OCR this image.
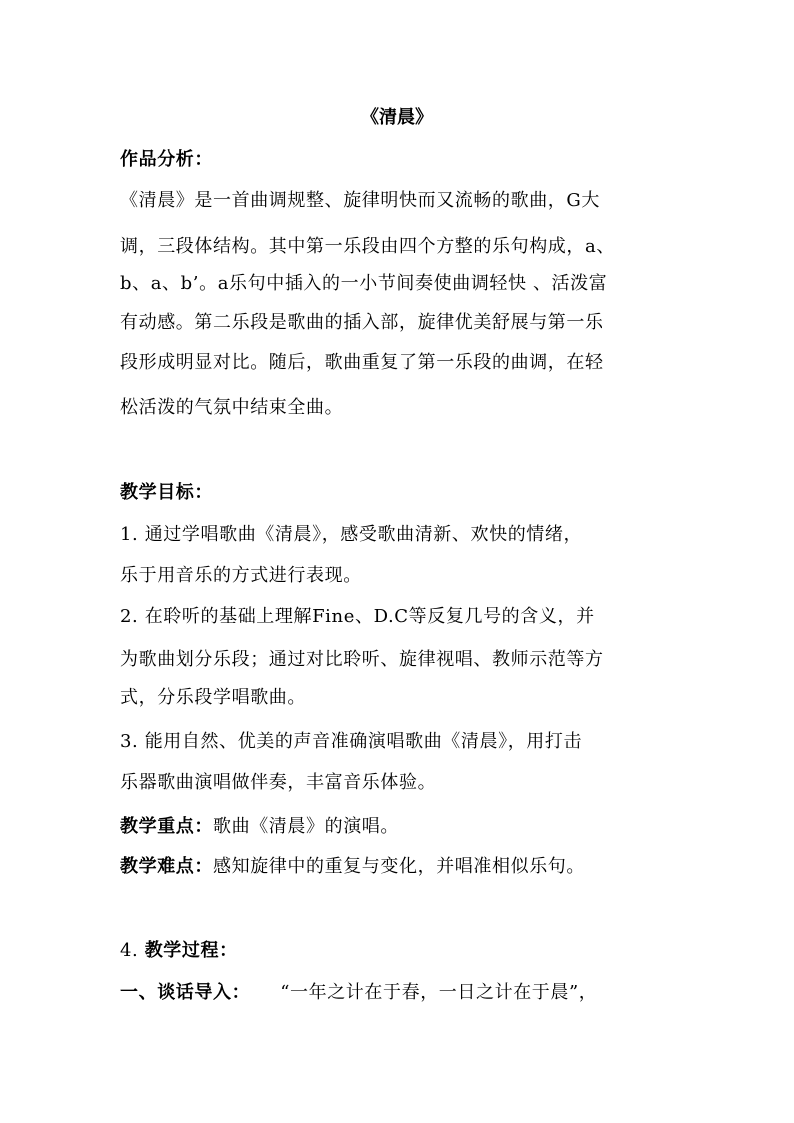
《清晨》
作品分析：
《清晨》是一首曲调规整、旋律明快而又流畅的歌曲，G大
调，三段体结构。其中第一乐段由四个方整的乐句构成，a、
b、a、b’。a乐句中插入的一小节间奏使曲调轻快 、活泼富
有动感。第二乐段是歌曲的插入部，旋律优美舒展与第一乐
段形成明显对比。随后，歌曲重复了第一乐段的曲调，在轻
松活泼的气氛中结束全曲。
教学目标：
1. 通过学唱歌曲《清晨》，感受歌曲清新、欢快的情绪，
乐于用音乐的方式进行表现。
2. 在聆听的基础上理解Fine、D.C等反复几号的含义，并
为歌曲划分乐段；通过对比聆听、旋律视唱、教师示范等方
式，分乐段学唱歌曲。
3. 能用自然、优美的声音准确演唱歌曲《清晨》，用打击
乐器歌曲演唱做伴奏，丰富音乐体验。
教学重点：歌曲《清晨》的演唱。
教学难点：感知旋律中的重复与变化，并唱准相似乐句。
4. 教学过程：
一、谈话导入： “一年之计在于春，一日之计在于晨”，
